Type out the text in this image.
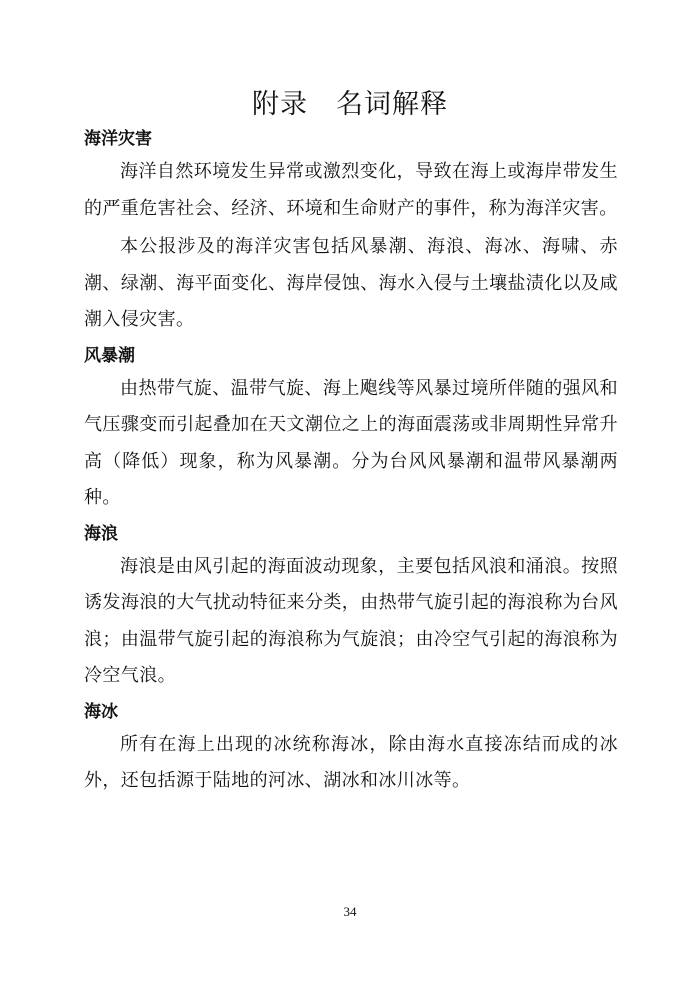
附录　名词解释

海洋灾害

海洋自然环境发生异常或激烈变化，导致在海上或海岸带发生的严重危害社会、经济、环境和生命财产的事件，称为海洋灾害。

本公报涉及的海洋灾害包括风暴潮、海浪、海冰、海啸、赤潮、绿潮、海平面变化、海岸侵蚀、海水入侵与土壤盐渍化以及咸潮入侵灾害。

风暴潮

由热带气旋、温带气旋、海上飑线等风暴过境所伴随的强风和气压骤变而引起叠加在天文潮位之上的海面震荡或非周期性异常升高（降低）现象，称为风暴潮。分为台风风暴潮和温带风暴潮两种。

海浪

海浪是由风引起的海面波动现象，主要包括风浪和涌浪。按照诱发海浪的大气扰动特征来分类，由热带气旋引起的海浪称为台风浪；由温带气旋引起的海浪称为气旋浪；由冷空气引起的海浪称为冷空气浪。

海冰

所有在海上出现的冰统称海冰，除由海水直接冻结而成的冰外，还包括源于陆地的河冰、湖冰和冰川冰等。

34
